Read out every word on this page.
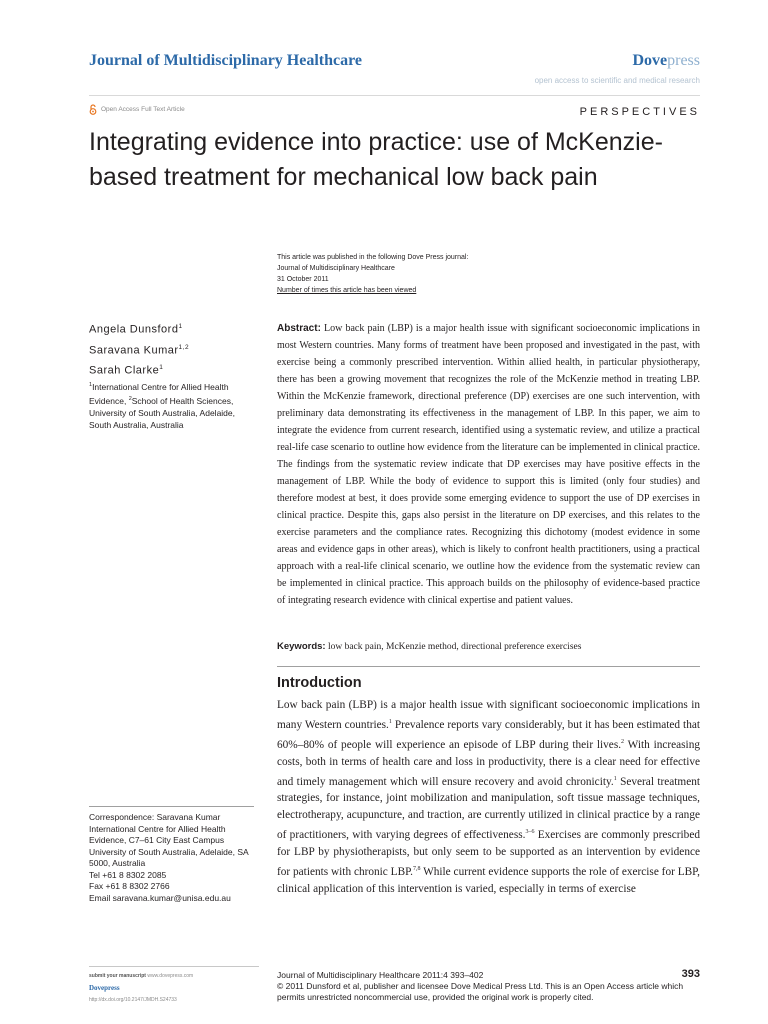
Journal of Multidisciplinary Healthcare	Dovepress
open access to scientific and medical research
Open Access Full Text Article	PERSPECTIVES
Integrating evidence into practice: use of McKenzie-based treatment for mechanical low back pain
This article was published in the following Dove Press journal:
Journal of Multidisciplinary Healthcare
31 October 2011
Number of times this article has been viewed
Angela Dunsford$^1$
Saravana Kumar$^{1,2}$
Sarah Clarke$^1$
$^1$International Centre for Allied Health Evidence, $^2$School of Health Sciences, University of South Australia, Adelaide, South Australia, Australia
Abstract: Low back pain (LBP) is a major health issue with significant socioeconomic implications in most Western countries. Many forms of treatment have been proposed and investigated in the past, with exercise being a commonly prescribed intervention. Within allied health, in particular physiotherapy, there has been a growing movement that recognizes the role of the McKenzie method in treating LBP. Within the McKenzie framework, directional preference (DP) exercises are one such intervention, with preliminary data demonstrating its effectiveness in the management of LBP. In this paper, we aim to integrate the evidence from current research, identified using a systematic review, and utilize a practical real-life case scenario to outline how evidence from the literature can be implemented in clinical practice. The findings from the systematic review indicate that DP exercises may have positive effects in the management of LBP. While the body of evidence to support this is limited (only four studies) and therefore modest at best, it does provide some emerging evidence to support the use of DP exercises in clinical practice. Despite this, gaps also persist in the literature on DP exercises, and this relates to the exercise parameters and the compliance rates. Recognizing this dichotomy (modest evidence in some areas and evidence gaps in other areas), which is likely to confront health practitioners, using a practical approach with a real-life clinical scenario, we outline how the evidence from the systematic review can be implemented in clinical practice. This approach builds on the philosophy of evidence-based practice of integrating research evidence with clinical expertise and patient values.
Keywords: low back pain, McKenzie method, directional preference exercises
Introduction
Low back pain (LBP) is a major health issue with significant socioeconomic implications in many Western countries.$^1$ Prevalence reports vary considerably, but it has been estimated that 60%–80% of people will experience an episode of LBP during their lives.$^2$ With increasing costs, both in terms of health care and loss in productivity, there is a clear need for effective and timely management which will ensure recovery and avoid chronicity.$^1$ Several treatment strategies, for instance, joint mobilization and manipulation, soft tissue massage techniques, electrotherapy, acupuncture, and traction, are currently utilized in clinical practice by a range of practitioners, with varying degrees of effectiveness.$^{3-6}$ Exercises are commonly prescribed for LBP by physiotherapists, but only seem to be supported as an intervention by evidence for patients with chronic LBP.$^{7,8}$ While current evidence supports the role of exercise for LBP, clinical application of this intervention is varied, especially in terms of exercise
Correspondence: Saravana Kumar
International Centre for Allied Health Evidence, C7–61 City East Campus
University of South Australia, Adelaide, SA 5000, Australia
Tel +61 8 8302 2085
Fax +61 8 8302 2766
Email saravana.kumar@unisa.edu.au
submit your manuscript www.dovepress.com
Dovepress
http://dx.doi.org/10.2147/JMDH.S24733
Journal of Multidisciplinary Healthcare 2011:4 393–402
© 2011 Dunsford et al, publisher and licensee Dove Medical Press Ltd. This is an Open Access article which permits unrestricted noncommercial use, provided the original work is properly cited.
393
